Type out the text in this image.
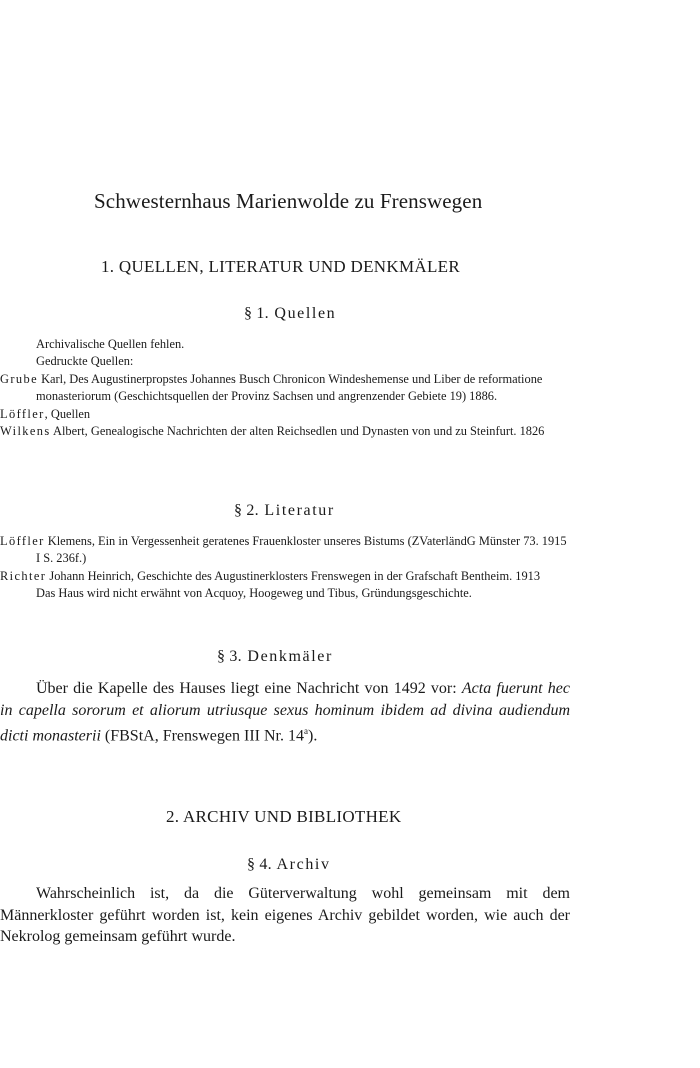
Schwesternhaus Marienwolde zu Frenswegen
1. QUELLEN, LITERATUR UND DENKMÄLER
§ 1. Quellen
Archivalische Quellen fehlen.
Gedruckte Quellen:
Grube Karl, Des Augustinerpropstes Johannes Busch Chronicon Windeshemense und Liber de reformatione monasteriorum (Geschichtsquellen der Provinz Sachsen und angrenzender Gebiete 19) 1886.
Löffler, Quellen
Wilkens Albert, Genealogische Nachrichten der alten Reichsedlen und Dynasten von und zu Steinfurt. 1826
§ 2. Literatur
Löffler Klemens, Ein in Vergessenheit geratenes Frauenkloster unseres Bistums (ZVaterländG Münster 73. 1915 I S. 236f.)
Richter Johann Heinrich, Geschichte des Augustinerklosters Frenswegen in der Grafschaft Bentheim. 1913
Das Haus wird nicht erwähnt von Acquoy, Hoogeweg und Tibus, Gründungsgeschichte.
§ 3. Denkmäler

Über die Kapelle des Hauses liegt eine Nachricht von 1492 vor: Acta fuerunt hec in capella sororum et aliorum utriusque sexus hominum ibidem ad divina audiendum dicti monasterii (FBStA, Frenswegen III Nr. 14$^a$).

2. ARCHIV UND BIBLIOTHEK
§ 4. Archiv

Wahrscheinlich ist, da die Güterverwaltung wohl gemeinsam mit dem Männerkloster geführt worden ist, kein eigenes Archiv gebildet worden, wie auch der Nekrolog gemeinsam geführt wurde.
